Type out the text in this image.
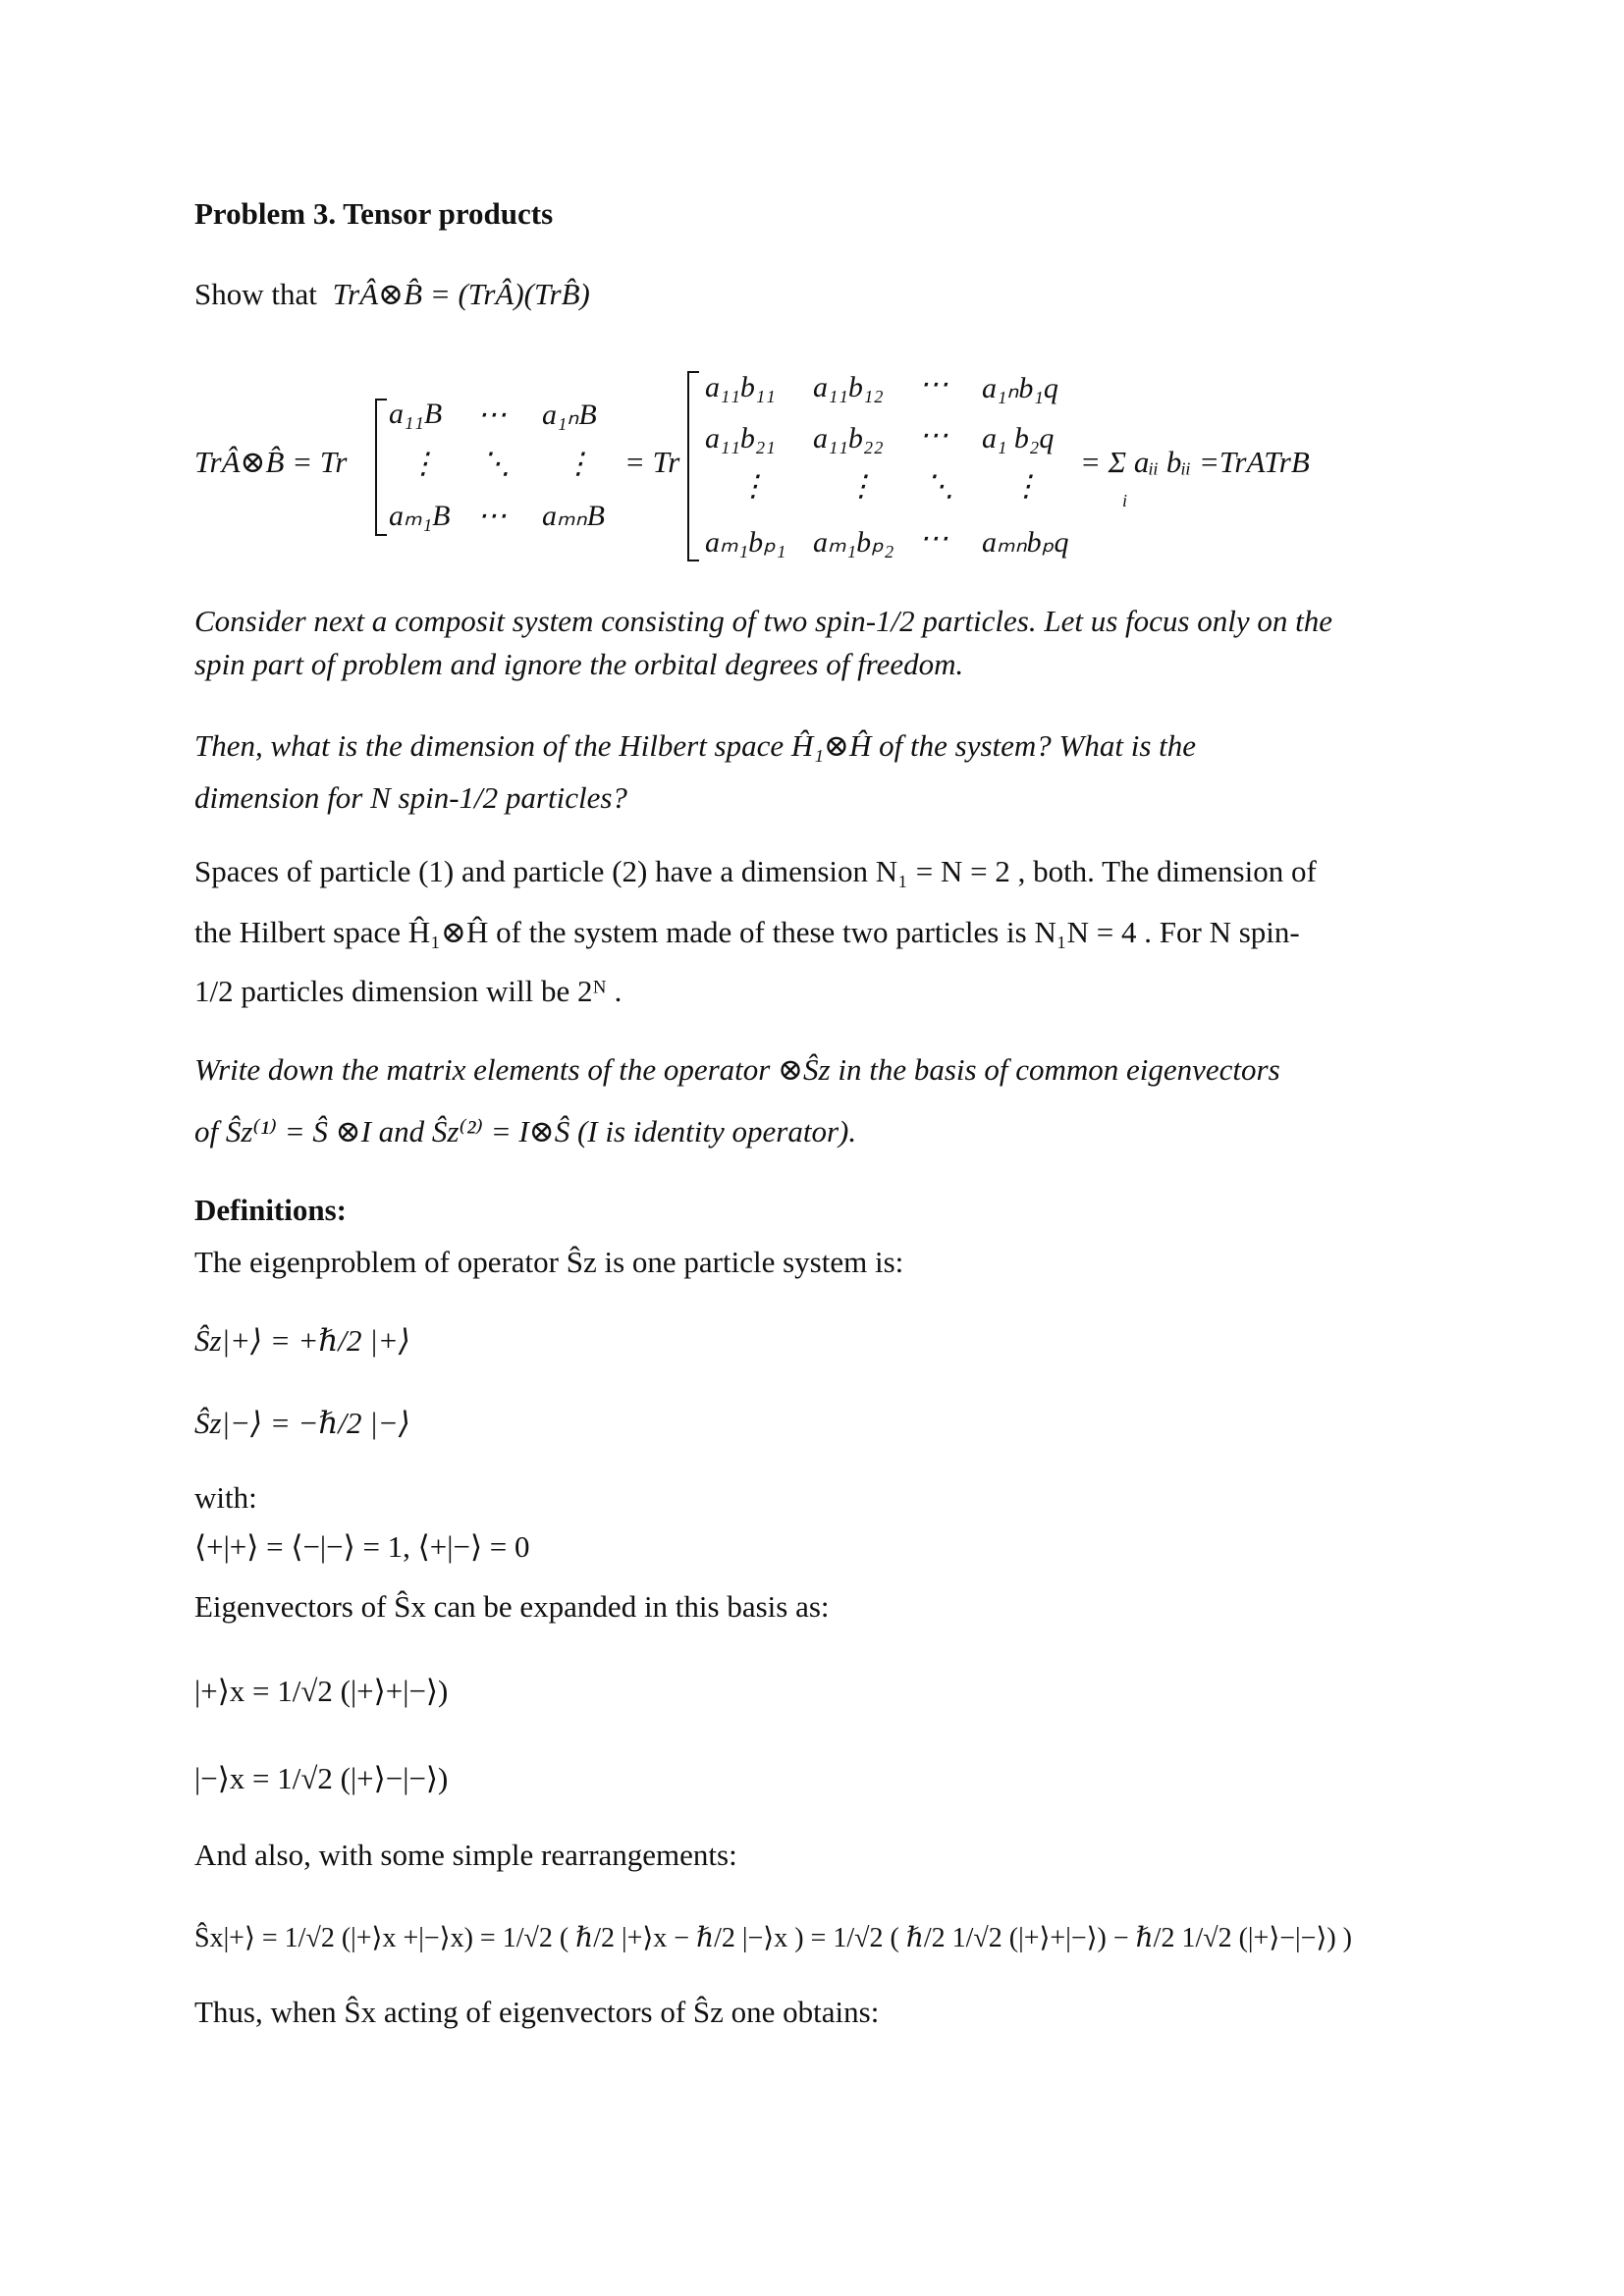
Problem 3. Tensor products
Show that TrÂ⊗B̂ = (TrÂ)(TrB̂)
TrÂ⊗B̂ = Tr
a₁₁B ⋯ a₁ₙB
⋮ ⋱ ⋮
aₘ₁B ⋯ aₘₙB
= Tr
a₁₁b₁₁ a₁₁b₁₂ ⋯ a₁ₙb₁q
a₁₁b₂₁ a₁₁b₂₂ ⋯ a₁ b₂q
⋮	⋮ ⋱ ⋮
aₘ₁bₚ₁ aₘ₁bₚ₂ ⋯ aₘₙbₚq
= Σ aᵢᵢ bᵢᵢ =TrATrB
i
Consider next a composit system consisting of two spin-1/2 particles. Let us focus only on the
spin part of problem and ignore the orbital degrees of freedom.
Then, what is the dimension of the Hilbert space Ĥ₁⊗Ĥ of the system? What is the
dimension for N spin-1/2 particles?
Spaces of particle (1) and particle (2) have a dimension N₁ = N = 2 , both. The dimension of
the Hilbert space Ĥ₁⊗Ĥ of the system made of these two particles is N₁N = 4 . For N spin-
1/2 particles dimension will be 2ᴺ .
Write down the matrix elements of the operator ⊗Ŝz in the basis of common eigenvectors
of Ŝz⁽¹⁾ = Ŝ ⊗I and Ŝz⁽²⁾ = I⊗Ŝ (I is identity operator).
Definitions:
The eigenproblem of operator Ŝz is one particle system is:
Ŝz|+⟩ = +ℏ/2 |+⟩
Ŝz|−⟩ = −ℏ/2 |−⟩
with:
⟨+|+⟩ = ⟨−|−⟩ = 1, ⟨+|−⟩ = 0
Eigenvectors of Ŝx can be expanded in this basis as:
|+⟩x = 1/√2 (|+⟩+|−⟩)
|−⟩x = 1/√2 (|+⟩−|−⟩)
And also, with some simple rearrangements:
Ŝx|+⟩ = 1/√2 (|+⟩x +|−⟩x) = 1/√2 ( ℏ/2 |+⟩x − ℏ/2 |−⟩x ) = 1/√2 ( ℏ/2 1/√2 (|+⟩+|−⟩) − ℏ/2 1/√2 (|+⟩−|−⟩) )
Thus, when Ŝx acting of eigenvectors of Ŝz one obtains:
